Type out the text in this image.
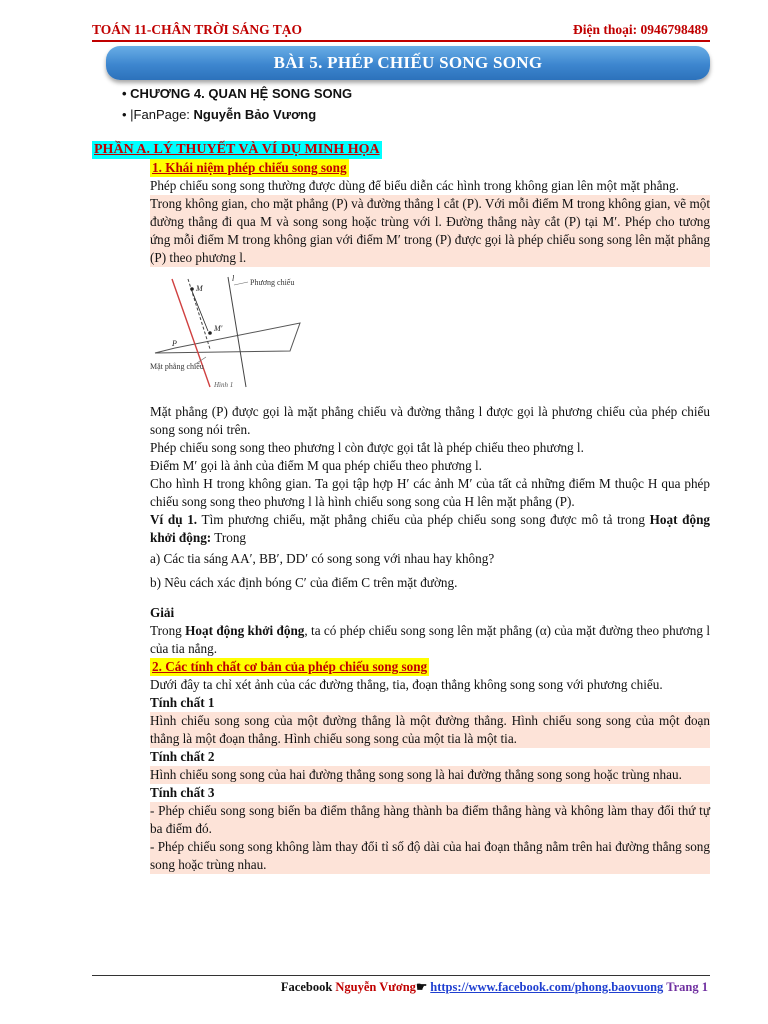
TOÁN 11-CHÂN TRỜI SÁNG TẠO	Điện thoại: 0946798489
BÀI 5. PHÉP CHIẾU SONG SONG
• CHƯƠNG 4. QUAN HỆ SONG SONG
• |FanPage: Nguyễn Bảo Vương
PHẦN A. LÝ THUYẾT VÀ VÍ DỤ MINH HỌA
1. Khái niệm phép chiếu song song

Phép chiếu song song thường được dùng để biểu diễn các hình trong không gian lên một mặt phẳng.

Trong không gian, cho mặt phẳng (P) và đường thẳng l cắt (P). Với mỗi điểm M trong không gian, vẽ một đường thẳng đi qua M và song song hoặc trùng với l. Đường thẳng này cắt (P) tại M′. Phép cho tương ứng mỗi điểm M trong không gian với điểm M′ trong (P) được gọi là phép chiếu song song lên mặt phẳng (P) theo phương l.

M
M′
P
l Phương chiếu
Mặt phẳng chiếu
Hình 1

Mặt phẳng (P) được gọi là mặt phẳng chiếu và đường thẳng l được gọi là phương chiếu của phép chiếu song song nói trên.

Phép chiếu song song theo phương l còn được gọi tắt là phép chiếu theo phương l.

Điểm M′ gọi là ảnh của điểm M qua phép chiếu theo phương l.

Cho hình H trong không gian. Ta gọi tập hợp H′ các ảnh M′ của tất cả những điểm M thuộc H qua phép chiếu song song theo phương l là hình chiếu song song của H lên mặt phẳng (P).

Ví dụ 1. Tìm phương chiếu, mặt phẳng chiếu của phép chiếu song song được mô tả trong Hoạt động khởi động: Trong

a) Các tia sáng AA′, BB′, DD′ có song song với nhau hay không?

b) Nêu cách xác định bóng C′ của điểm C trên mặt đường.

Giải

Trong Hoạt động khởi động, ta có phép chiếu song song lên mặt phẳng (α) của mặt đường theo phương l của tia nắng.

2. Các tính chất cơ bản của phép chiếu song song

Dưới đây ta chỉ xét ảnh của các đường thẳng, tia, đoạn thẳng không song song với phương chiếu.

Tính chất 1

Hình chiếu song song của một đường thẳng là một đường thẳng. Hình chiếu song song của một đoạn thẳng là một đoạn thẳng. Hình chiếu song song của một tia là một tia.

Tính chất 2

Hình chiếu song song của hai đường thẳng song song là hai đường thẳng song song hoặc trùng nhau.

Tính chất 3

- Phép chiếu song song biến ba điểm thẳng hàng thành ba điểm thẳng hàng và không làm thay đổi thứ tự ba điểm đó.

- Phép chiếu song song không làm thay đổi tỉ số độ dài của hai đoạn thẳng nằm trên hai đường thẳng song song hoặc trùng nhau.

Facebook Nguyễn Vương☛ https://www.facebook.com/phong.baovuong Trang 1
